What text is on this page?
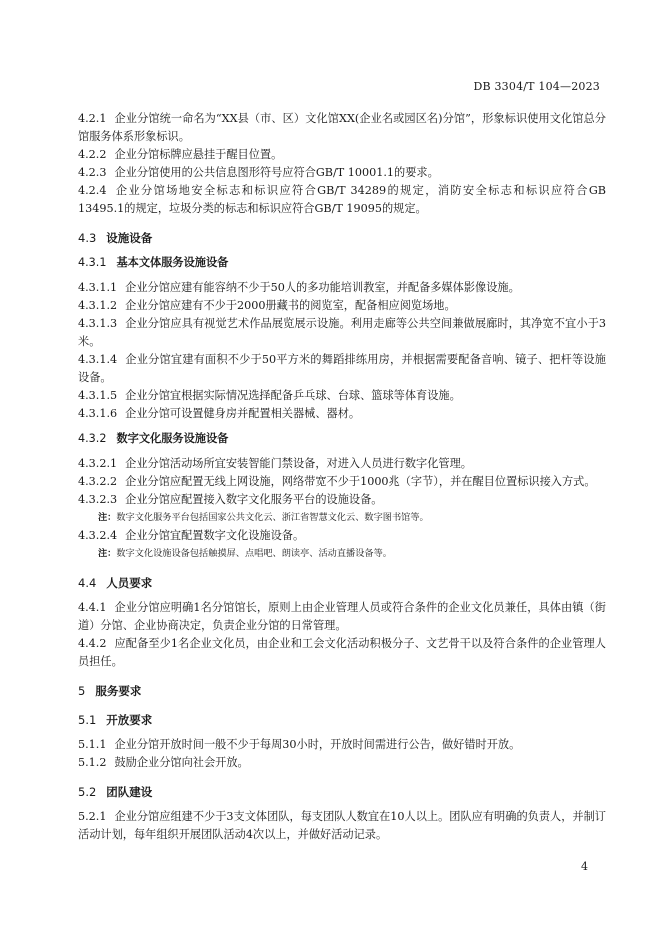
DB 3304/T 104—2023

4.2.1 企业分馆统一命名为“XX县（市、区）文化馆XX(企业名或园区名)分馆”，形象标识使用文化馆总分馆服务体系形象标识。

4.2.2 企业分馆标牌应悬挂于醒目位置。

4.2.3 企业分馆使用的公共信息图形符号应符合GB/T 10001.1的要求。

4.2.4 企业分馆场地安全标志和标识应符合GB/T 34289的规定，消防安全标志和标识应符合GB 13495.1的规定，垃圾分类的标志和标识应符合GB/T 19095的规定。

4.3 设施设备

4.3.1 基本文体服务设施设备

4.3.1.1 企业分馆应建有能容纳不少于50人的多功能培训教室，并配备多媒体影像设施。

4.3.1.2 企业分馆应建有不少于2000册藏书的阅览室，配备相应阅览场地。

4.3.1.3 企业分馆应具有视觉艺术作品展览展示设施。利用走廊等公共空间兼做展廊时，其净宽不宜小于3米。

4.3.1.4 企业分馆宜建有面积不少于50平方米的舞蹈排练用房，并根据需要配备音响、镜子、把杆等设施设备。

4.3.1.5 企业分馆宜根据实际情况选择配备乒乓球、台球、篮球等体育设施。

4.3.1.6 企业分馆可设置健身房并配置相关器械、器材。

4.3.2 数字文化服务设施设备

4.3.2.1 企业分馆活动场所宜安装智能门禁设备，对进入人员进行数字化管理。

4.3.2.2 企业分馆应配置无线上网设施，网络带宽不少于1000兆（字节），并在醒目位置标识接入方式。

4.3.2.3 企业分馆应配置接入数字文化服务平台的设施设备。

注：数字文化服务平台包括国家公共文化云、浙江省智慧文化云、数字图书馆等。

4.3.2.4 企业分馆宜配置数字文化设施设备。

注：数字文化设施设备包括触摸屏、点唱吧、朗读亭、活动直播设备等。

4.4 人员要求

4.4.1 企业分馆应明确1名分馆馆长，原则上由企业管理人员或符合条件的企业文化员兼任，具体由镇（街道）分馆、企业协商决定，负责企业分馆的日常管理。

4.4.2 应配备至少1名企业文化员，由企业和工会文化活动积极分子、文艺骨干以及符合条件的企业管理人员担任。

5 服务要求

5.1 开放要求

5.1.1 企业分馆开放时间一般不少于每周30小时，开放时间需进行公告，做好错时开放。

5.1.2 鼓励企业分馆向社会开放。

5.2 团队建设

5.2.1 企业分馆应组建不少于3支文体团队，每支团队人数宜在10人以上。团队应有明确的负责人，并制订活动计划，每年组织开展团队活动4次以上，并做好活动记录。

4
